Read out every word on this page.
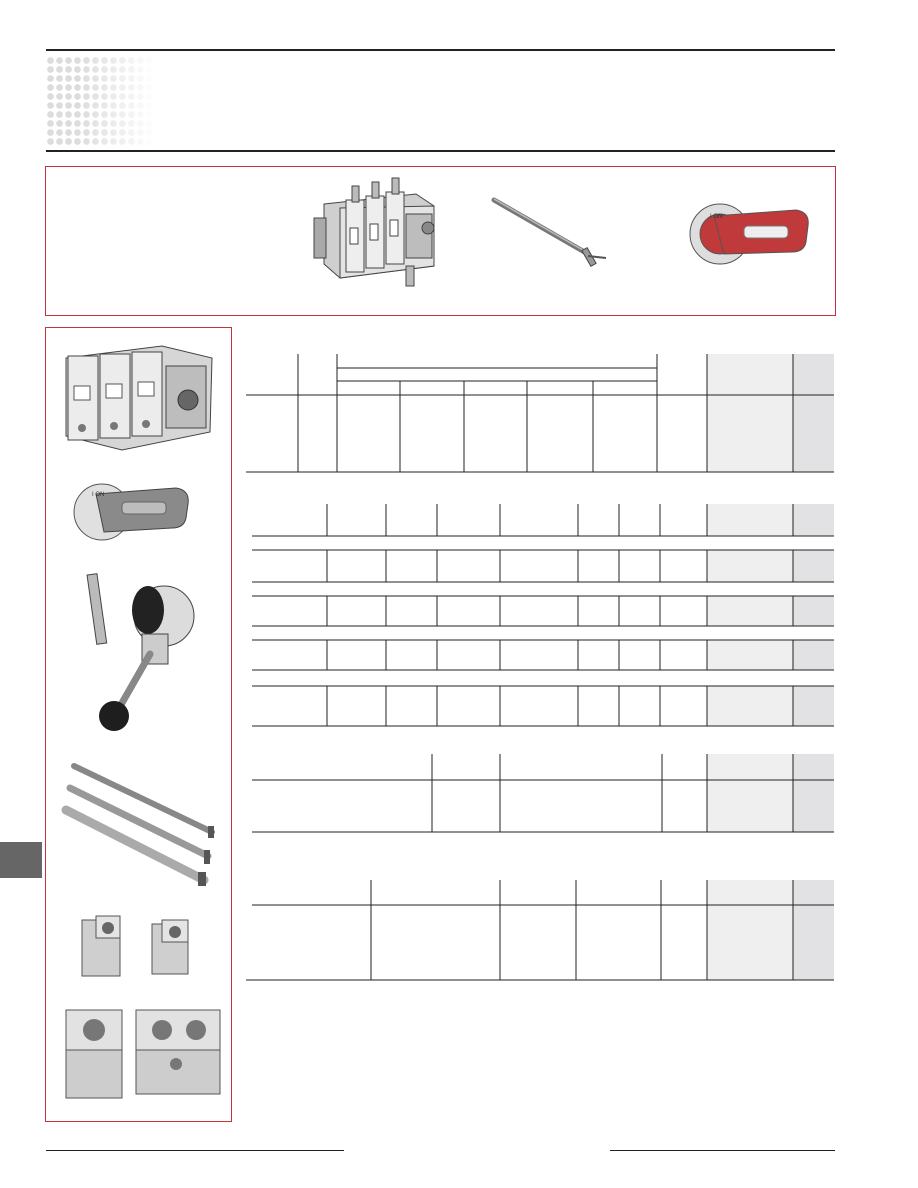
I ON
I ON
